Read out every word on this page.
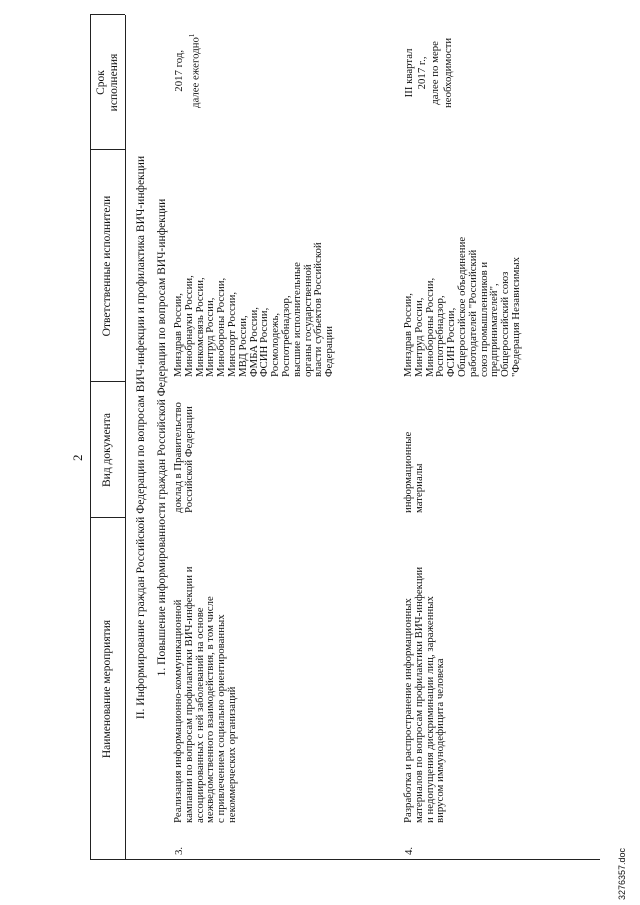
2
Наименование мероприятия
Вид документа
Ответственные исполнители
Срок исполнения
II. Информирование граждан Российской Федерации по вопросам ВИЧ-инфекции и профилактика ВИЧ-инфекции 1. Повышение информированности граждан Российской Федерации по вопросам ВИЧ-инфекции
3.
Реализация информационно-коммуникационной
кампании по вопросам профилактики ВИЧ-инфекции и
ассоциированных с ней заболеваний на основе
межведомственного взаимодействия, в том числе
с привлечением социально ориентированных
некоммерческих организаций
доклад в Правительство
Российской Федерации
Минздрав России,
Минобрнауки России,
Минкомсвязь России,
Минтруд России,
Минобороны России,
Минспорт России,
МВД России,
ФМБА России,
ФСИН России,
Росмолодежь,
Роспотребнадзор,
высшие исполнительные
органы государственной
власти субъектов Российской
Федерации
2017 год, далее ежегодно$^1$
4.
Разработка и распространение информационных
материалов по вопросам профилактики ВИЧ-инфекции
и недопущения дискриминации лиц, зараженных
вирусом иммунодефицита человека
информационные
материалы
Минздрав России,
Минтруд России,
Минобороны России,
Роспотребнадзор,
ФСИН России,
Общероссийское объединение
работодателей "Российский
союз промышленников и
предпринимателей",
Общероссийский союз
"Федерация Независимых
III квартал 2017 г., далее по мере необходимости
3276357.doc
